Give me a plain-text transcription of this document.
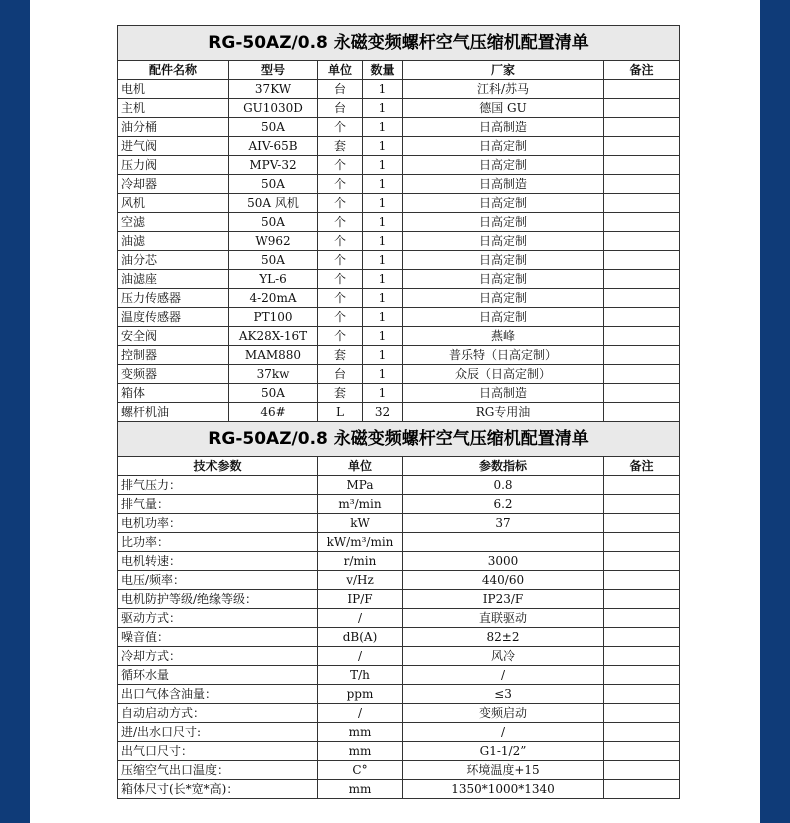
RG-50AZ/0.8 永磁变频螺杆空气压缩机配置清单					
配件名称	型号	单位	数量	厂家	备注
电机	37KW	台	1	江科/苏马	
主机	GU1030D	台	1	德国 GU	
油分桶	50A	个	1	日高制造	
进气阀	AIV-65B	套	1	日高定制	
压力阀	MPV-32	个	1	日高定制	
冷却器	50A	个	1	日高制造	
风机	50A 风机	个	1	日高定制	
空滤	50A	个	1	日高定制	
油滤	W962	个	1	日高定制	
油分芯	50A	个	1	日高定制	
油滤座	YL-6	个	1	日高定制	
压力传感器	4-20mA	个	1	日高定制	
温度传感器	PT100	个	1	日高定制	
安全阀	AK28X-16T	个	1	燕峰	
控制器	MAM880	套	1	普乐特（日高定制）	
变频器	37kw	台	1	众辰（日高定制）	
箱体	50A	套	1	日高制造	
螺杆机油	46#	L	32	RG专用油	
RG-50AZ/0.8 永磁变频螺杆空气压缩机配置清单					
技术参数		单位		参数指标	备注
排气压力：		MPa		0.8	
排气量：		m³/min		6.2	
电机功率：		kW		37	
比功率：		kW/m³/min			
电机转速：		r/min		3000	
电压/频率：		v/Hz		440/60	
电机防护等级/绝缘等级：		IP/F		IP23/F	
驱动方式：		/		直联驱动	
噪音值：		dB(A)		82±2	
冷却方式：		/		风冷	
循环水量		T/h		/	
出口气体含油量：		ppm		≤3	
自动启动方式：		/		变频启动	
进/出水口尺寸:		mm		/	
出气口尺寸：		mm		G1-1/2”	
压缩空气出口温度：		C°		环境温度+15	
箱体尺寸(长*宽*高)：		mm		1350*1000*1340	
